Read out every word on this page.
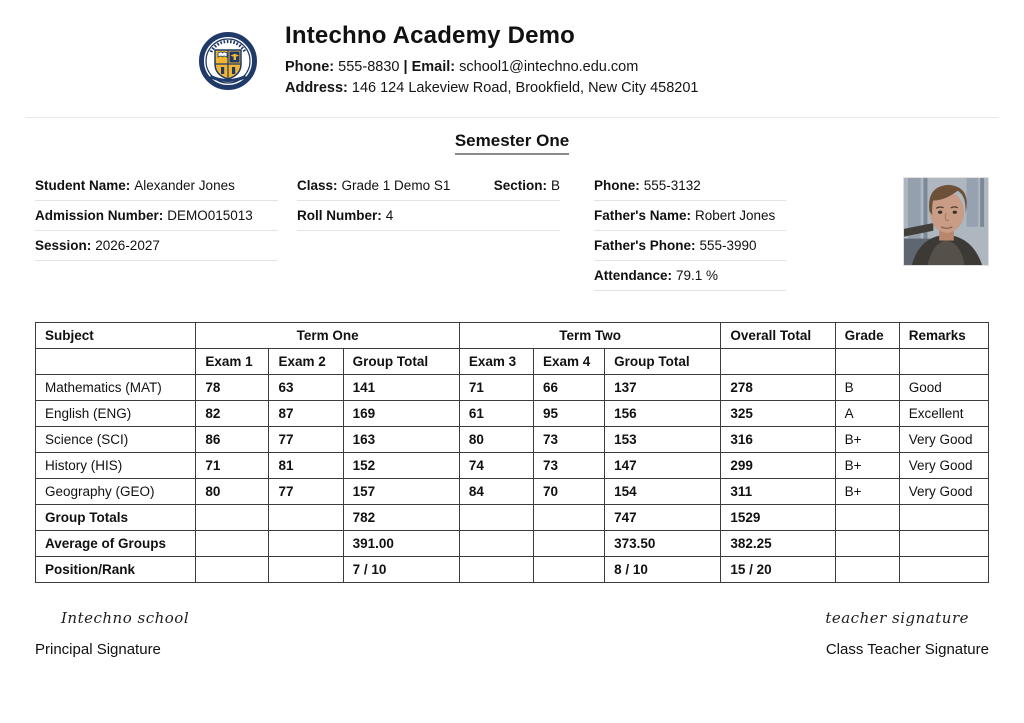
Intechno Academy Demo

Phone: 555-8830 | Email: school1@intechno.edu.com

Address: 146 124 Lakeview Road, Brookfield, New City 458201

Semester One
Student Name: Alexander Jones
Admission Number: DEMO015013
Session: 2026-2027
Class: Grade 1 Demo S1	Section: B
Roll Number: 4
Phone: 555-3132
Father's Name: Robert Jones
Father's Phone: 555-3990
Attendance: 79.1 %
Subject	Term One			Term Two			Overall Total	Grade	Remarks
	Exam 1	Exam 2	Group Total	Exam 3	Exam 4	Group Total			
Mathematics (MAT)	78	63	141	71	66	137	278	B	Good
English (ENG)	82	87	169	61	95	156	325	A	Excellent
Science (SCI)	86	77	163	80	73	153	316	B+	Very Good
History (HIS)	71	81	152	74	73	147	299	B+	Very Good
Geography (GEO)	80	77	157	84	70	154	311	B+	Very Good
Group Totals			782			747	1529		
Average of Groups			391.00			373.50	382.25		
Position/Rank			7 / 10			8 / 10	15 / 20		
Intechno school
Principal Signature
teacher signature
Class Teacher Signature
